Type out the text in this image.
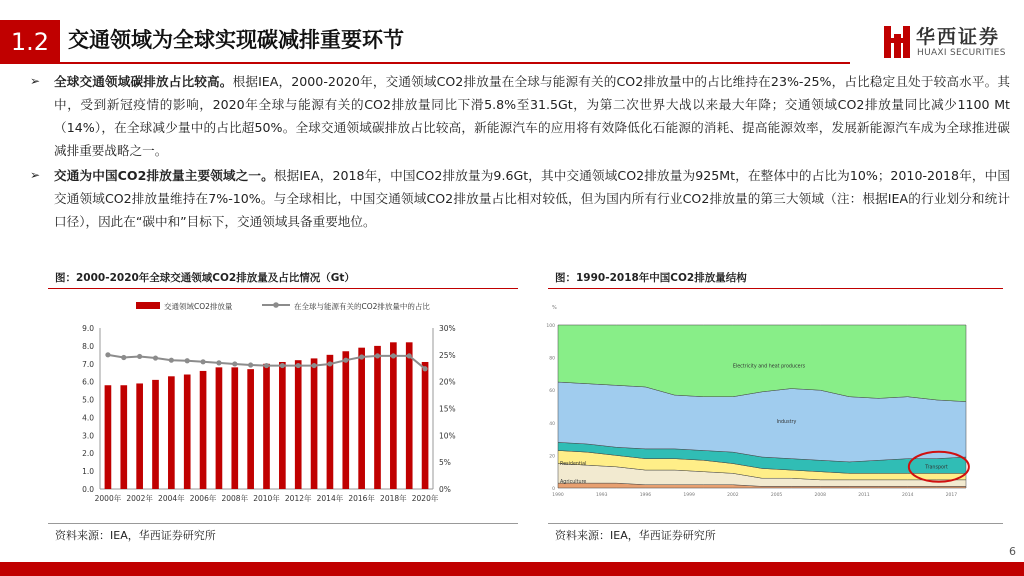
1.2 交通领域为全球实现碳减排重要环节	华西证券
HUAXI SECURITIES

➢ 全球交通领域碳排放占比较高。根据IEA，2000-2020年，交通领域CO2排放量在全球与能源有关的CO2排放量中的占比维持在23%-25%，占比稳定且处于较高水平。其中，受到新冠疫情的影响，2020年全球与能源有关的CO2排放量同比下滑5.8%至31.5Gt，为第二次世界大战以来最大年降；交通领域CO2排放量同比减少1100 Mt（14%），在全球减少量中的占比超50%。全球交通领域碳排放占比较高，新能源汽车的应用将有效降低化石能源的消耗、提高能源效率，发展新能源汽车成为全球推进碳减排重要战略之一。

➢ 交通为中国CO2排放量主要领域之一。根据IEA，2018年，中国CO2排放量为9.6Gt，其中交通领域CO2排放量为925Mt，在整体中的占比为10%；2010-2018年，中国交通领域CO2排放量维持在7%-10%。与全球相比，中国交通领域CO2排放量占比相对较低，但为国内所有行业CO2排放量的第三大领域（注：根据IEA的行业划分和统计口径），因此在“碳中和”目标下，交通领域具备重要地位。

图：2000-2020年全球交通领域CO2排放量及占比情况（Gt）
交通领域CO2排放量	在全球与能源有关的CO2排放量中的占比
0.0
1.0
2.0
3.0
4.0
5.0
6.0
7.0
8.0
9.0
0%
5%
10%
15%
20%
25%
30%
2000年 2002年 2004年 2006年 2008年 2010年 2012年 2014年 2016年 2018年 2020年
资料来源：IEA，华西证券研究所
图：1990-2018年中国CO2排放量结构
0
20
40
60
80
100
%
1990	1993	1996	1999	2002	2005	2008	2011	2014	2017
Electricity and heat producers
Industry
Residential
Agriculture
Transport
资料来源：IEA，华西证券研究所
6
